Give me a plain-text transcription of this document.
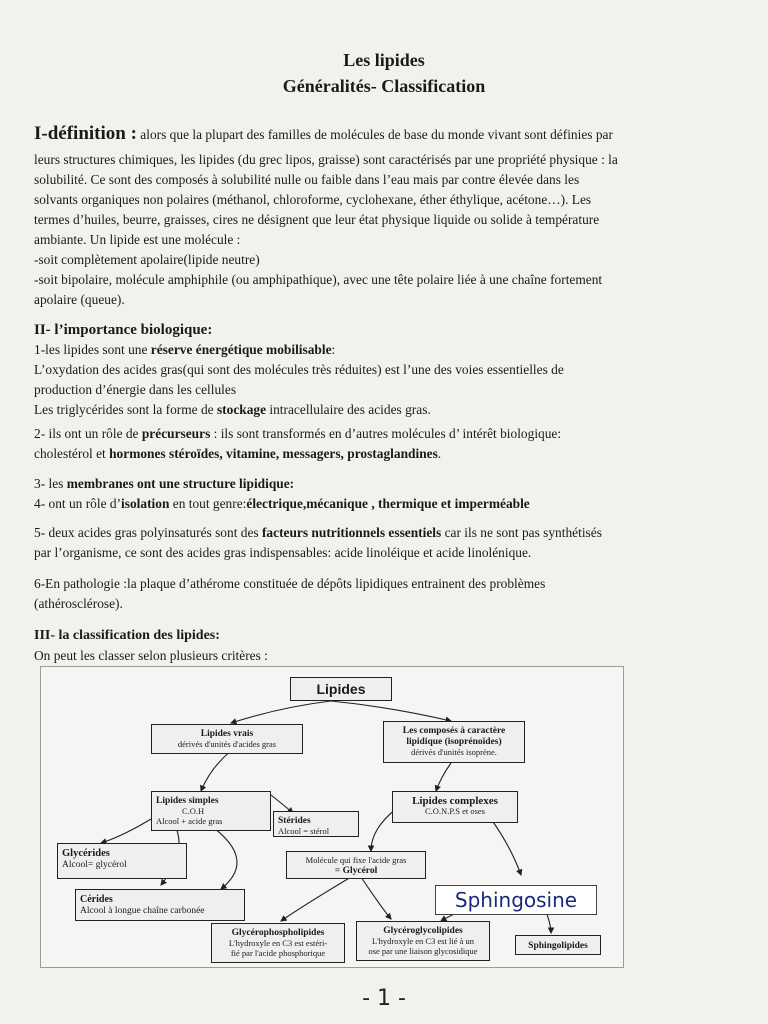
Les lipides
Généralités- Classification
I-définition : alors que la plupart des familles de molécules de base du monde vivant sont définies par
leurs structures chimiques, les lipides (du grec lipos, graisse) sont caractérisés par une propriété physique : la
solubilité. Ce sont des composés à solubilité nulle ou faible dans l’eau mais par contre élevée dans les
solvants organiques non polaires (méthanol, chloroforme, cyclohexane, éther éthylique, acétone…). Les
termes d’huiles, beurre, graisses, cires ne désignent que leur état physique liquide ou solide à température
ambiante. Un lipide est une molécule :
-soit complètement apolaire(lipide neutre)
-soit bipolaire, molécule amphiphile (ou amphipathique), avec une tête polaire liée à une chaîne fortement
apolaire (queue).
II- l’importance biologique:
1-les lipides sont une réserve énergétique mobilisable:
L’oxydation des acides gras(qui sont des molécules très réduites) est l’une des voies essentielles de
production d’énergie dans les cellules
Les triglycérides sont la forme de stockage intracellulaire des acides gras.
2- ils ont un rôle de précurseurs : ils sont transformés en d’autres molécules d’ intérêt biologique:
cholestérol et hormones stéroïdes, vitamine, messagers, prostaglandines.
3- les membranes ont une structure lipidique:
4- ont un rôle d’isolation en tout genre:électrique,mécanique , thermique et imperméable
5- deux acides gras polyinsaturés sont des facteurs nutritionnels essentiels car ils ne sont pas synthétisés
par l’organisme, ce sont des acides gras indispensables: acide linoléique et acide linolénique.
6-En pathologie :la plaque d’athérome constituée de dépôts lipidiques entrainent des problèmes
(athérosclérose).
III- la classification des lipides:
On peut les classer selon plusieurs critères :
Lipides
Lipides vrais
dérivés d'unités d'acides gras
Les composés à caractère
lipidique (isoprénoïdes)
dérivés d'unités isoprène.
Lipides simples
C.O.H
Alcool + acide gras	Stérides
Alcool = stérol
Lipides complexes
C.O.N.P.S et oses
Glycérides
Alcool= glycérol	Molécule qui fixe l'acide gras
= Glycérol
Sphingosine
Cérides
Alcool à longue chaîne carbonée
Glycérophospholipides
L'hydroxyle en C3 est estéri-
fié par l'acide phosphorique
Glycéroglycolipides
L'hydroxyle en C3 est lié à un
ose par une liaison glycosidique	Sphingolipides
- 1 -
